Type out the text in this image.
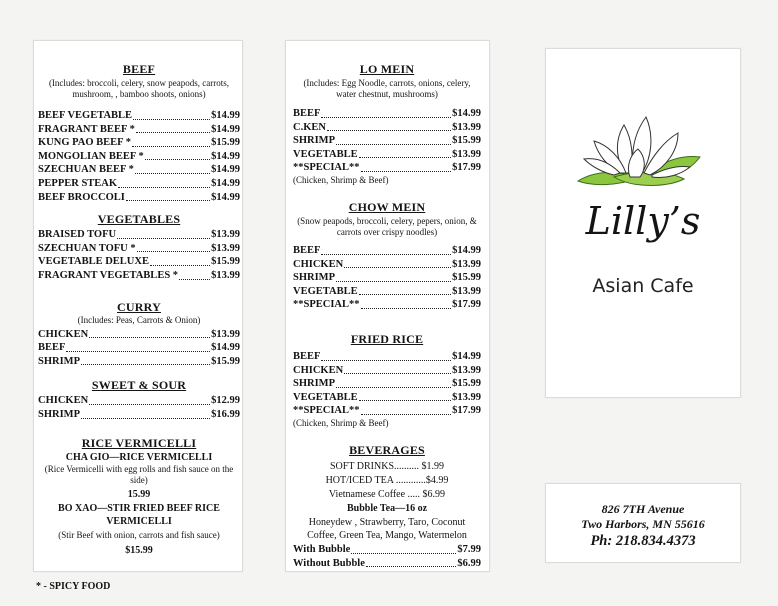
BEEF
(Includes: broccoli, celery, snow peapods, carrots, mushroom, , bamboo shoots, onions)
BEEF VEGETABLE	$14.99
FRAGRANT BEEF *	$14.99
KUNG PAO BEEF *	$15.99
MONGOLIAN BEEF *	$14.99
SZECHUAN BEEF *	$14.99
PEPPER STEAK	$14.99
BEEF BROCCOLI	$14.99
VEGETABLES
BRAISED TOFU	$13.99
SZECHUAN TOFU *	$13.99
VEGETABLE DELUXE	$15.99
FRAGRANT VEGETABLES *	$13.99
CURRY
(Includes: Peas, Carrots & Onion)
CHICKEN	$13.99
BEEF	$14.99
SHRIMP	$15.99
SWEET & SOUR
CHICKEN	$12.99
SHRIMP	$16.99
RICE VERMICELLI
CHA GIO—RICE VERMICELLI
(Rice Vermicelli with egg rolls and fish sauce on the side)
15.99
BO XAO—STIR FRIED BEEF RICE VERMICELLI
(Stir Beef with onion, carrots and fish sauce)
$15.99
* - SPICY FOOD
LO MEIN
(Includes: Egg Noodle, carrots, onions, celery, water chestnut, mushrooms)
BEEF	$14.99
C.KEN	$13.99
SHRIMP	$15.99
VEGETABLE	$13.99
**SPECIAL**	$17.99
(Chicken, Shrimp & Beef)
CHOW MEIN
(Snow peapods, broccoli, celery, pepers, onion, & carrots over crispy noodles)
BEEF	$14.99
CHICKEN	$13.99
SHRIMP	$15.99
VEGETABLE	$13.99
**SPECIAL**	$17.99
FRIED RICE
BEEF	$14.99
CHICKEN	$13.99
SHRIMP	$15.99
VEGETABLE	$13.99
**SPECIAL**	$17.99
(Chicken, Shrimp & Beef)
BEVERAGES
SOFT DRINKS.......... $1.99
HOT/ICED TEA ............$4.99
Vietnamese Coffee ..... $6.99
Bubble Tea—16 oz
Honeydew , Strawberry, Taro, Coconut Coffee, Green Tea, Mango, Watermelon
With Bubble	$7.99
Without Bubble	$6.99
Lilly’s
Asian Cafe
826 7TH Avenue
Two Harbors, MN 55616
Ph: 218.834.4373
